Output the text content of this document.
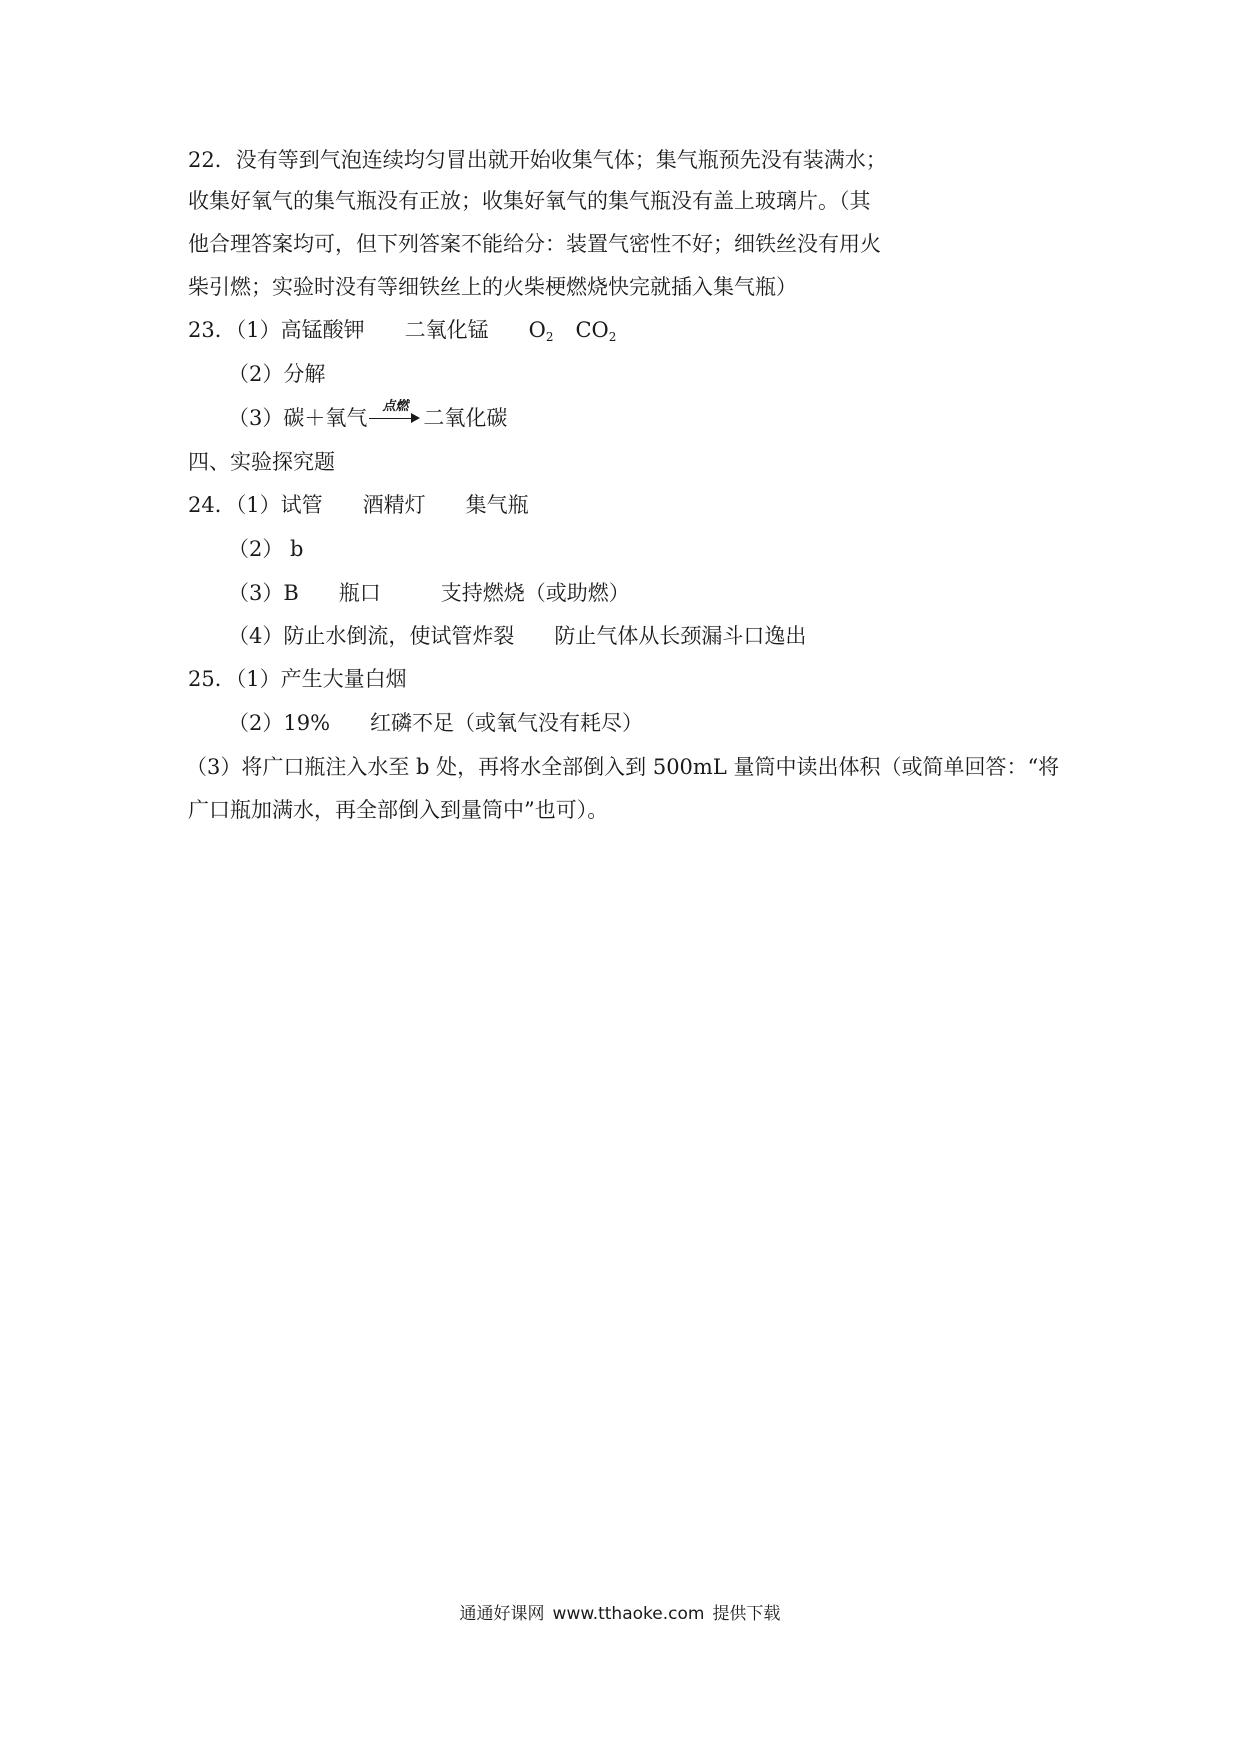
22．没有等到气泡连续均匀冒出就开始收集气体；集气瓶预先没有装满水；
收集好氧气的集气瓶没有正放；收集好氧气的集气瓶没有盖上玻璃片。（其
他合理答案均可，但下列答案不能给分：装置气密性不好；细铁丝没有用火
柴引燃；实验时没有等细铁丝上的火柴梗燃烧快完就插入集气瓶）
23．（1）高锰酸钾 二氧化锰 O2 CO2
（2）分解
（3）碳＋氧气	点燃 二氧化碳
四、实验探究题
24．（1）试管 酒精灯 集气瓶
（2） b
（3）B 瓶口	支持燃烧（或助燃）
（4）防止水倒流，使试管炸裂 防止气体从长颈漏斗口逸出
25．（1）产生大量白烟
（2）19% 红磷不足（或氧气没有耗尽）
（3）将广口瓶注入水至 b 处，再将水全部倒入到 500mL 量筒中读出体积（或简单回答：“将
广口瓶加满水，再全部倒入到量筒中”也可）。
通通好课网 www.tthaoke.com 提供下载
